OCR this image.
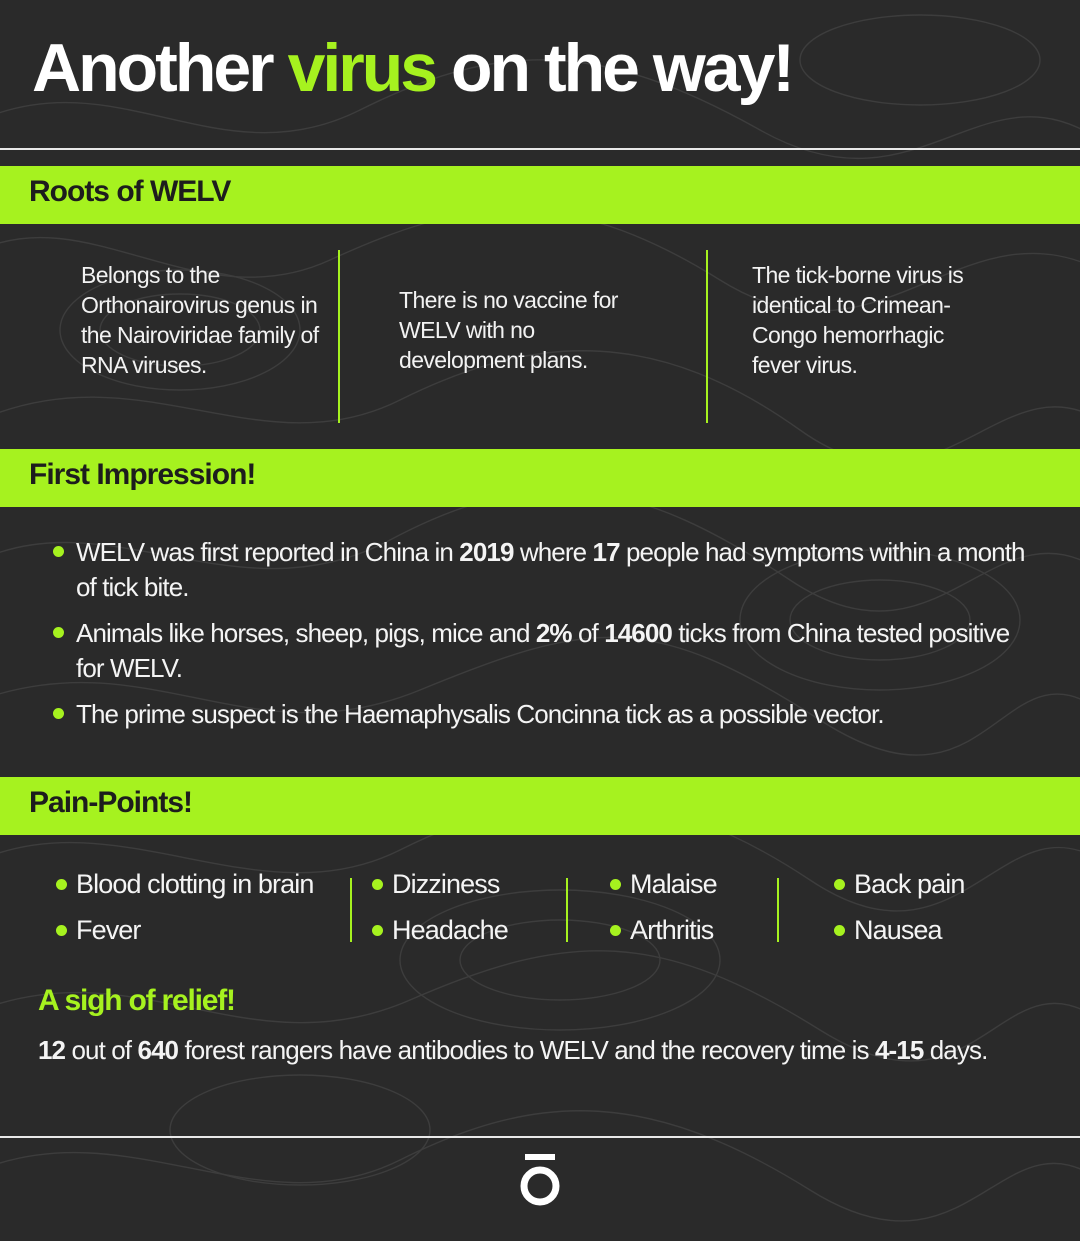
Another virus on the way!
Roots of WELV
Belongs to the Orthonairovirus genus in the Nairoviridae family of RNA viruses.
There is no vaccine for WELV with no development plans.
The tick-borne virus is identical to Crimean-Congo hemorrhagic fever virus.
First Impression!
WELV was first reported in China in 2019 where 17 people had symptoms within a month of tick bite.
Animals like horses, sheep, pigs, mice and 2% of 14600 ticks from China tested positive for WELV.
The prime suspect is the Haemaphysalis Concinna tick as a possible vector.
Pain-Points!
Blood clotting in brain
Fever
Dizziness
Headache
Malaise
Arthritis
Back pain
Nausea
A sigh of relief!
12 out of 640 forest rangers have antibodies to WELV and the recovery time is 4-15 days.
